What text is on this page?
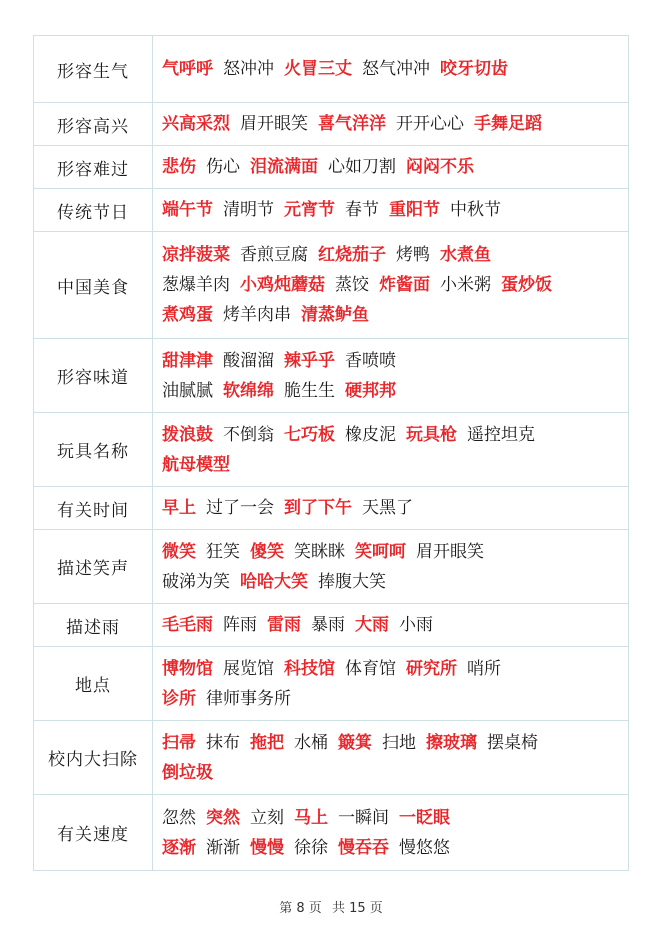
形容生气	气呼呼 怒冲冲 火冒三丈 怒气冲冲 咬牙切齿

形容高兴	兴高采烈 眉开眼笑 喜气洋洋 开开心心 手舞足蹈

形容难过	悲伤 伤心 泪流满面 心如刀割 闷闷不乐

传统节日	端午节 清明节 元宵节 春节 重阳节 中秋节

中国美食	凉拌菠菜 香煎豆腐 红烧茄子 烤鸭 水煮鱼
葱爆羊肉 小鸡炖蘑菇 蒸饺 炸酱面 小米粥 蛋炒饭
煮鸡蛋 烤羊肉串 清蒸鲈鱼

形容味道	甜津津 酸溜溜 辣乎乎 香喷喷
油腻腻 软绵绵 脆生生 硬邦邦

玩具名称	拨浪鼓 不倒翁 七巧板 橡皮泥 玩具枪 遥控坦克
航母模型

有关时间	早上 过了一会 到了下午 天黑了

描述笑声	微笑 狂笑 傻笑 笑眯眯 笑呵呵 眉开眼笑
破涕为笑 哈哈大笑 捧腹大笑

描述雨	毛毛雨 阵雨 雷雨 暴雨 大雨 小雨

地点	博物馆 展览馆 科技馆 体育馆 研究所 哨所
诊所 律师事务所

校内大扫除	扫帚 抹布 拖把 水桶 簸箕 扫地 擦玻璃 摆桌椅
倒垃圾

有关速度	忽然 突然 立刻 马上 一瞬间 一眨眼
逐渐 渐渐 慢慢 徐徐 慢吞吞 慢悠悠
第 8 页 共 15 页
